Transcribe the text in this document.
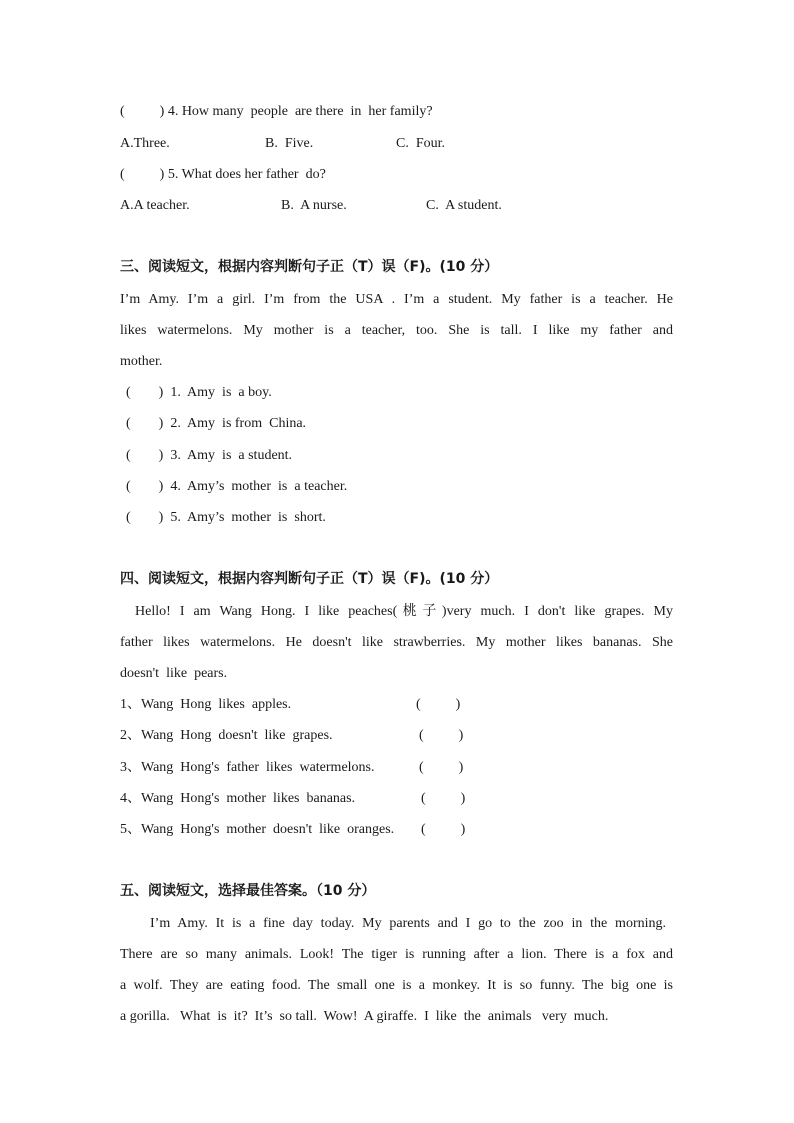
(          ) 4. How many  people  are there  in  her family?
A.Three.	B.  Five.	C.  Four.
(          ) 5. What does her father  do?
A.A teacher.	B.  A nurse.	C.  A student.
三、阅读短文，根据内容判断句子正（T）误（F)。(10 分）
I’m Amy. I’m a girl. I’m from the USA . I’m a student. My father is a teacher. He
likes watermelons. My mother is a teacher, too. She is tall. I like my father and
mother.
(        )  1.  Amy  is  a boy.
(        )  2.  Amy  is from  China.
(        )  3.  Amy  is  a student.
(        )  4.  Amy’s  mother  is  a teacher.
(        )  5.  Amy’s  mother  is  short.
四、阅读短文，根据内容判断句子正（T）误（F)。(10 分）
Hello! I am Wang Hong. I like peaches(桃子)very much. I don't like grapes. My
father likes watermelons. He doesn't like strawberries. My mother likes bananas. She
doesn't  like  pears.
1、Wang  Hong  likes  apples.	(          )
2、Wang  Hong  doesn't  like  grapes.	(          )
3、Wang  Hong's  father  likes  watermelons.	(          )
4、Wang  Hong's  mother  likes  bananas.	(          )
5、Wang  Hong's  mother  doesn't  like  oranges. (          )
五、阅读短文，选择最佳答案。（10 分）
I’m Amy. It is a fine day today. My parents and I go to the zoo in the morning.
There are so many animals. Look! The tiger is running after a lion. There is a fox and
a wolf. They are eating food. The small one is a monkey. It is so funny. The big one is
a gorilla.   What  is  it?  It’s  so tall.  Wow!  A giraffe.  I  like  the  animals   very  much.
